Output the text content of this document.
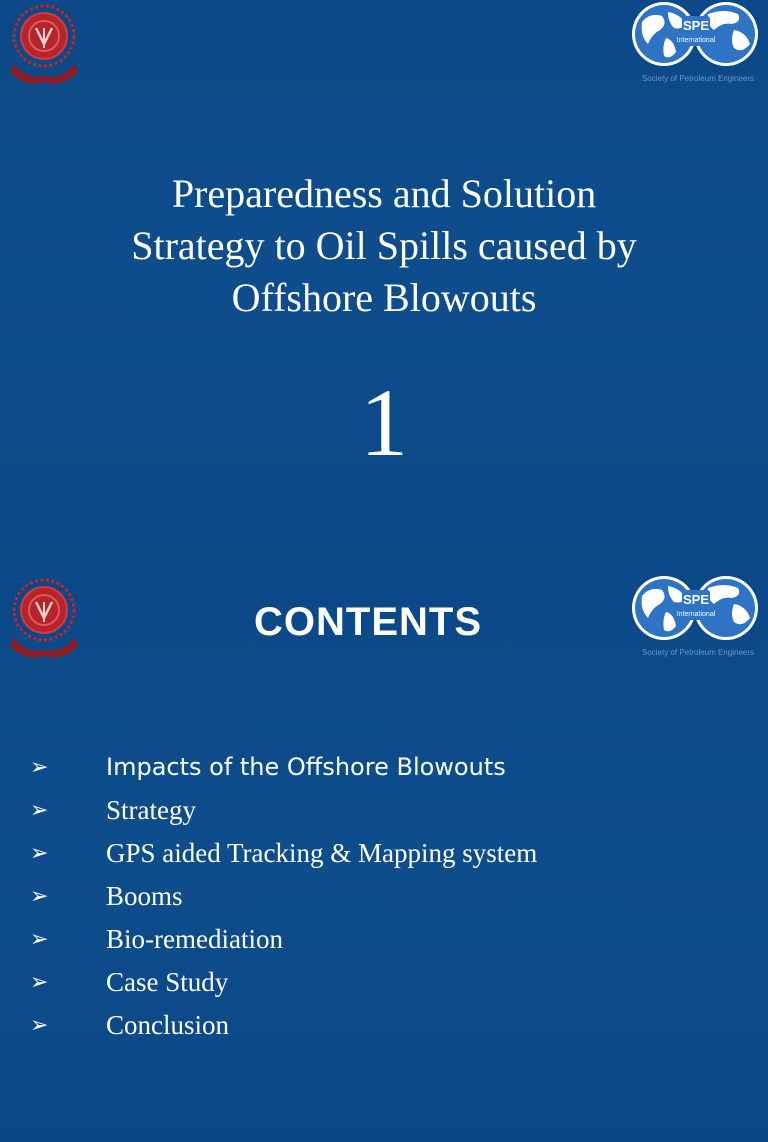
SPE
International
Society of Petroleum Engineers
Preparedness and Solution
Strategy to Oil Spills caused by
Offshore Blowouts
1
SPE
International
Society of Petroleum Engineers
CONTENTS
➢ Impacts of the Offshore Blowouts
➢ Strategy
➢ GPS aided Tracking & Mapping system
➢ Booms
➢ Bio-remediation
➢ Case Study
➢ Conclusion
